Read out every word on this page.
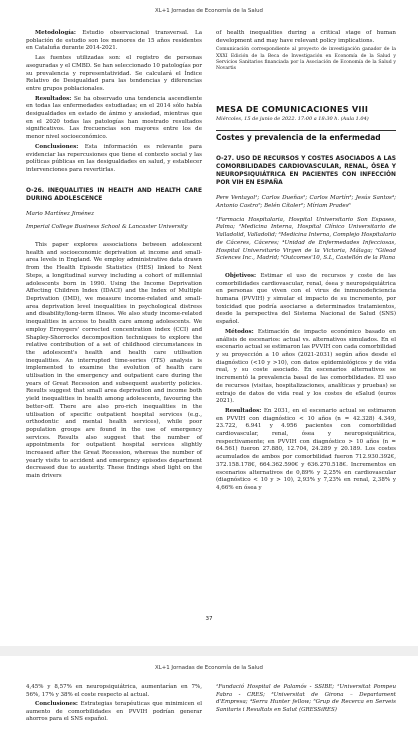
XL+1 Jornadas de Economía de la Salud

Metodología: Estudio observacional transversal. La población de estudio son los menores de 15 años residentes en Cataluña durante 2014-2021.

Las fuentes utilizadas son: el registro de personas aseguradas y el CMBD. Se han seleccionado 10 patologías por su prevalencia y representatividad. Se calculará el Índice Relativo de Desigualdad para las tendencias y diferencias entre grupos poblacionales.

Resultados: Se ha observado una tendencia ascendiente en todas las enfermedades estudiadas; en el 2014 sólo había desigualdades en estado de ánimo y ansiedad, mientras que en el 2020 todas las patologías han mostrado resultados significativos. Las frecuencias son mayores entre los de menor nivel socioeconómico.

Conclusiones: Esta información es relevante para evidenciar las repercusiones que tiene el contexto social y las políticas públicas en las desigualdades en salud, y establecer intervenciones para revertirlas.

O-26. INEQUALITIES IN HEALTH AND HEALTH CARE DURING ADOLESCENCE
Mario Martínez Jiménez
Imperial College Business School & Lancaster University

This paper explores associations between adolescent health and socioeconomic deprivation at income and small-area levels in England. We employ administrative data drawn from the Health Episode Statistics (HES) linked to Next Steps, a longitudinal survey including a cohort of millennial adolescents born in 1990. Using the Income Deprivation Affecting Children Index (IDACI) and the Index of Multiple Deprivation (IMD), we measure income-related and small-area deprivation level inequalities in psychological distress and disability/long-term illness. We also study income-related inequalities in access to health care among adolescents. We employ Erreygers' corrected concentration index (CCI) and Shapley-Shorrocks decomposition techniques to explore the relative contribution of a set of childhood circumstances in the adolescent's health and health care utilisation inequalities. An interrupted time-series (ITS) analysis is implemented to examine the evolution of health care utilisation in the emergency and outpatient care during the years of Great Recession and subsequent austerity policies. Results suggest that small area deprivation and income both yield inequalities in health among adolescents, favouring the better-off. There are also pro-rich inequalities in the utilisation of specific outpatient hospital services (e.g., orthodontic and mental health services), while poor population groups are found in the use of emergency services. Results also suggest that the number of appointments for outpatient hospital services slightly increased after the Great Recession, whereas the number of yearly visits to accident and emergency episodes department decreased due to austerity. These findings shed light on the main drivers

of health inequalities during a critical stage of human development and may have relevant policy implications.

Comunicación correspondiente al proyecto de investigación ganador de la XXXI Edición de la Beca de Investigación en Economía de la Salud y Servicios Sanitarios financiada por la Asociación de Economía de la Salud y Novartis

MESA DE COMUNICACIONES VIII
Miércoles, 15 de junio de 2022. 17:00 a 18:30 h. (Aula 1.04)
Costes y prevalencia de la enfermedad
O-27. USO DE RECURSOS Y COSTES ASOCIADOS A LAS COMORBILIDADES CARDIOVASCULAR, RENAL, ÓSEA Y NEUROPSIQUIÁTRICA EN PACIENTES CON INFECCIÓN POR VIH EN ESPAÑA
Pere Ventayol¹; Carlos Dueñas²; Carlos Martín³; Jesús Santos⁴; Antonio Castro⁵; Belén Cítoler⁶; Míriam Prades⁶
¹Farmacia Hospitalaria, Hospital Universitario Son Espases, Palma; ²Medicina Interna, Hospital Clínico Universitario de Valladolid, Valladolid; ³Medicina Interna, Complejo Hospitalario de Cáceres, Cáceres; ⁴Unidad de Enfermedades Infecciosas, Hospital Universitario Virgen de la Victoria, Málaga; ⁵Gilead Sciences Inc., Madrid; ⁶Outcomes'10, S.L, Castellón de la Plana

Objetivos: Estimar el uso de recursos y coste de las comorbilidades cardiovascular, renal, ósea y neuropsiquiátrica en personas que viven con el virus de inmunodeficiencia humana (PVVIH) y simular el impacto de su incremento, por toxicidad que podría asociarse a determinados tratamientos, desde la perspectiva del Sistema Nacional de Salud (SNS) español.

Métodos: Estimación de impacto económico basado en análisis de escenarios: actual vs. alternativos simulados. En el escenario actual se estimaron las PVVIH con cada comorbilidad y su proyección a 10 años (2021-2031) según años desde el diagnóstico (<10 y >10), con datos epidemiológicos y de vida real, y su coste asociado. En escenarios alternativos se incrementó la prevalencia basal de las comorbilidades. El uso de recursos (visitas, hospitalizaciones, analíticas y pruebas) se extrajo de datos de vida real y los costes de eSalud (euros 2021).

Resultados: En 2031, en el escenario actual se estimaron en PVVIH con diagnóstico < 10 años (n = 42.328) 4.349, 23.722, 6.941 y 4.956 pacientes con comorbilidad cardiovascular, renal, ósea y neuropsiquiátrica, respectivamente; en PVVIH con diagnóstico > 10 años (n = 64.561) fueron 27.880, 12.704, 24.289 y 20.189. Los costes acumulados de ambos por comorbilidad fueron 712.930.392€, 372.158.178€, 664.362.590€ y 636.270.518€. Incrementos en escenarios alternativos de 0,89% y 2,25% en cardiovascular (diagnóstico < 10 y > 10), 2,93% y 7,23% en renal, 2,38% y 4,66% en ósea y

37
XL+1 Jornadas de Economía de la Salud

4,45% y 8,57% en neuropsiquiátrica, aumentarían en 7%, 56%, 17% y 38% el coste respecto al actual.

Conclusiones: Estrategias terapéuticas que minimicen el aumento de comorbilidades en PVVIH podrían generar ahorros para el SNS español.

¹Fundació Hospital de Palamós - SSIBE; ²Universitat Pompeu Fabra - CRES; ³Universitat de Girona – Departament d'Empresa; ⁴Serra Hunter fellow; ⁵Grup de Recerca en Serveis Sanitaris i Resultats en Salut (GRESSiRES)
